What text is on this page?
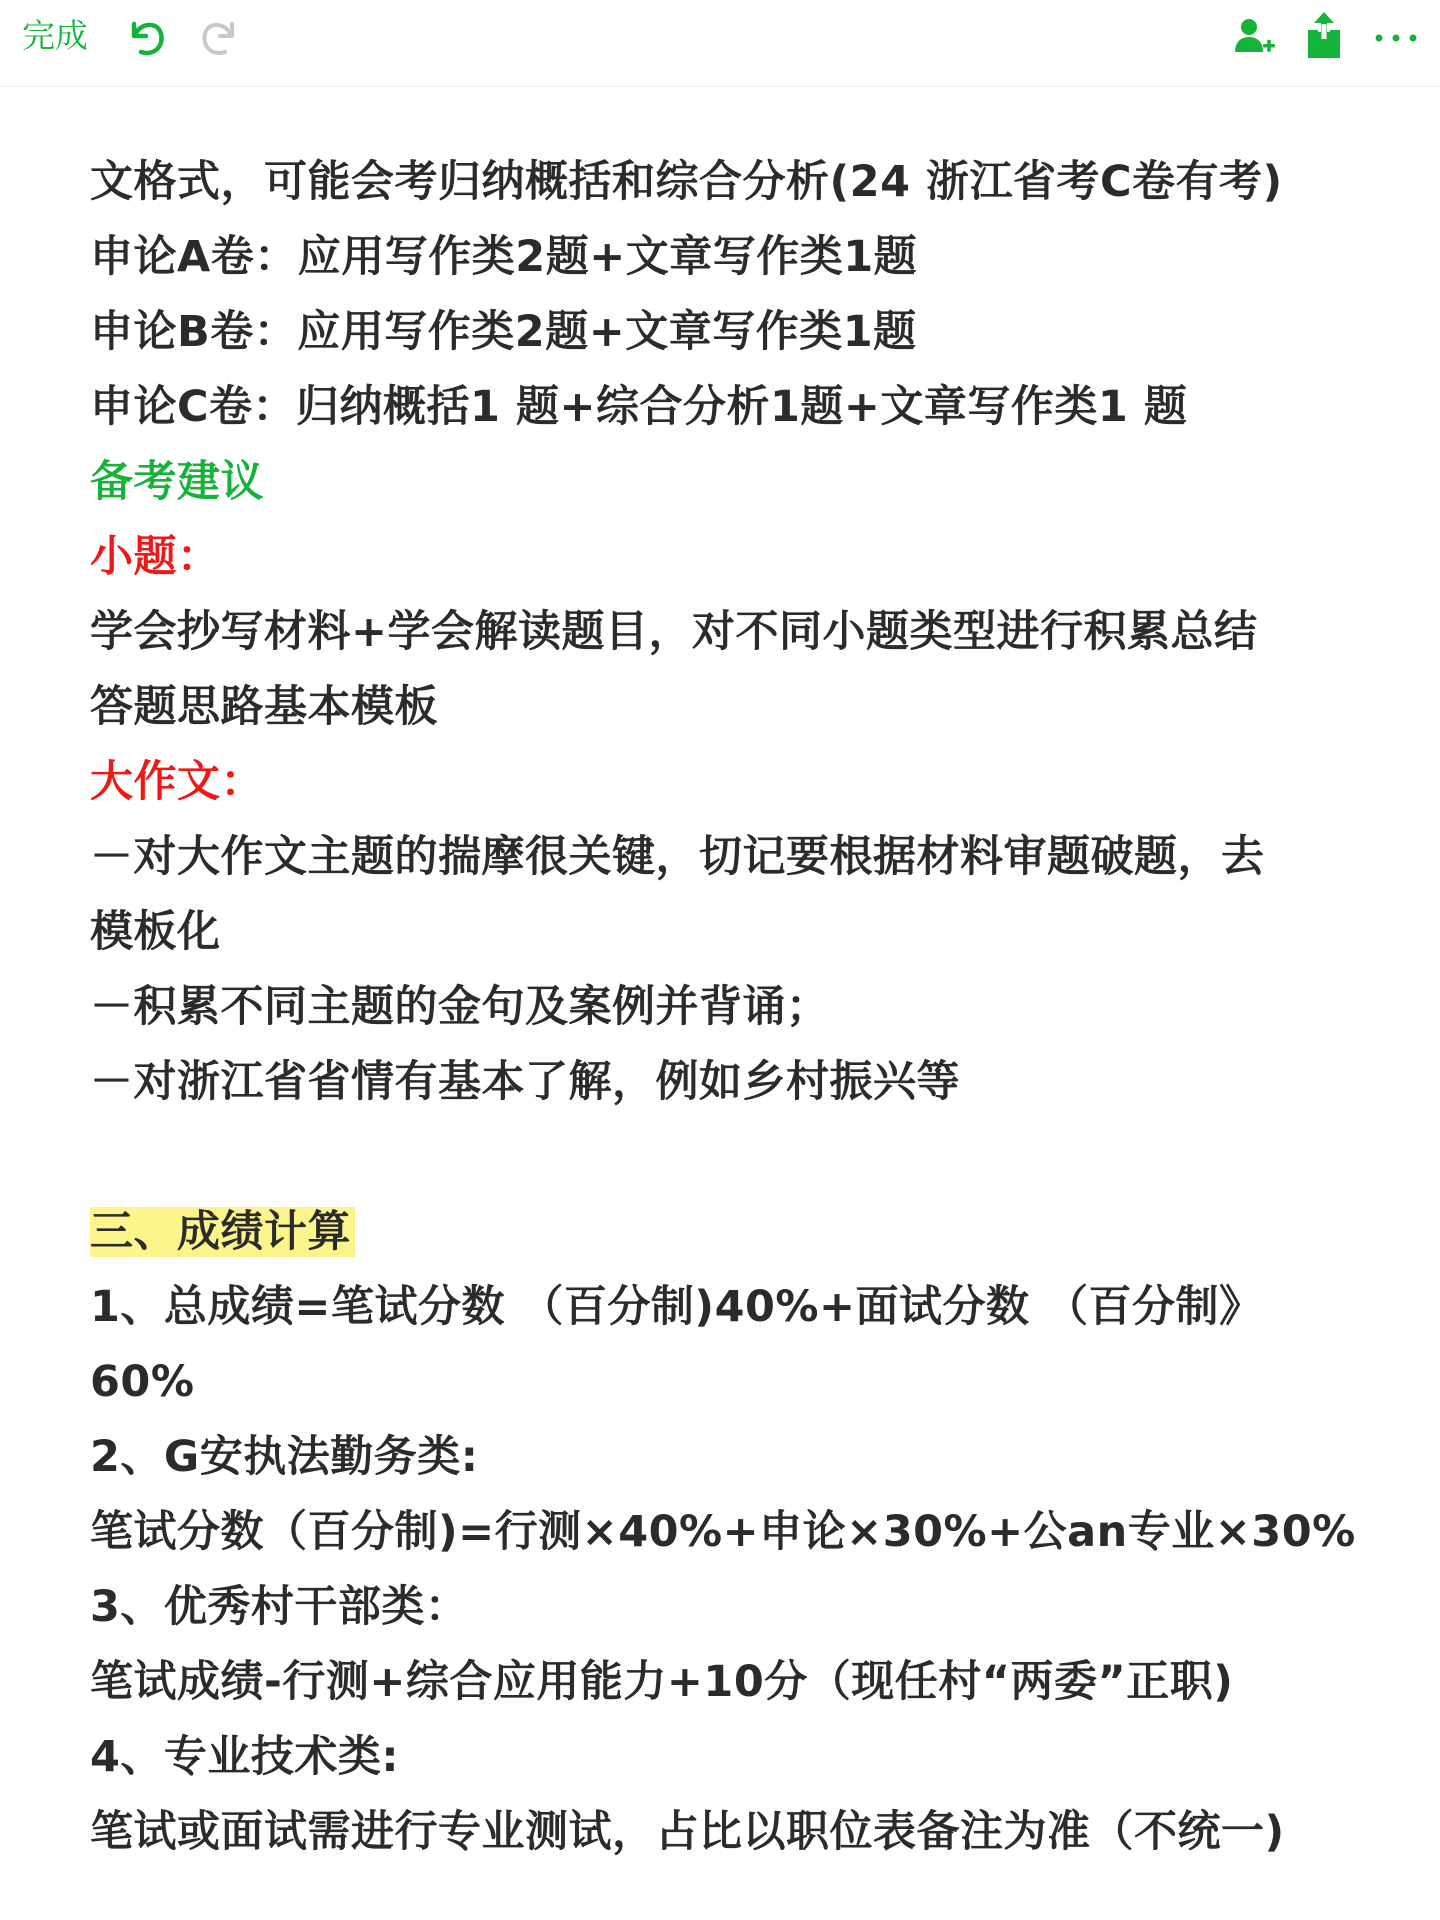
完成
文格式，可能会考归纳概括和综合分析(24 浙江省考C卷有考)
申论A卷：应用写作类2题+文章写作类1题
申论B卷：应用写作类2题+文章写作类1题
申论C卷：归纳概括1 题+综合分析1题+文章写作类1 题
备考建议
小题：
学会抄写材料+学会解读题目，对不同小题类型进行积累总结
答题思路基本模板
大作文：
－对大作文主题的揣摩很关键，切记要根据材料审题破题，去
模板化
－积累不同主题的金句及案例并背诵；
－对浙江省省情有基本了解，例如乡村振兴等
三、成绩计算
1、总成绩=笔试分数 （百分制)40%+面试分数 （百分制》
60%
2、G安执法勤务类:
笔试分数（百分制)=行测×40%+申论×30%+公an专业×30%
3、优秀村干部类：
笔试成绩-行测+综合应用能力+10分（现任村“两委”正职)
4、专业技术类:
笔试或面试需进行专业测试，占比以职位表备注为准（不统一)
